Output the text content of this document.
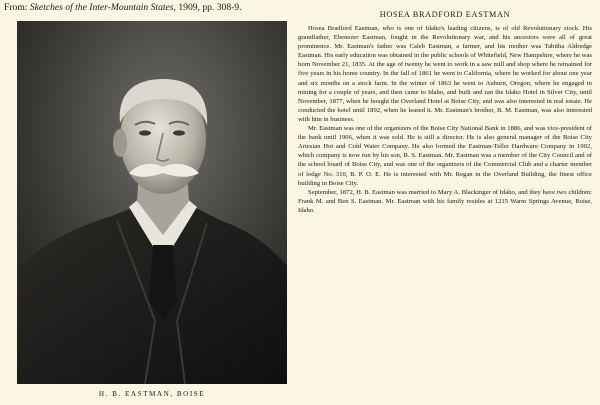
From: Sketches of the Inter-Mountain States, 1909, pp. 308-9.
H. B. EASTMAN, BOISE
HOSEA BRADFORD EASTMAN

Hosea Bradford Eastman, who is one of Idaho's leading citizens, is of old Revolutionary stock. His grandfather, Ebenezer Eastman, fought in the Revolutionary war, and his ancestors were all of great prominence. Mr. Eastman's father was Caleb Eastman, a farmer, and his mother was Tabitha Aldredge Eastman. His early education was obtained in the public schools of Whitefield, New Hampshire, where he was born November 21, 1835. At the age of twenty he went to work in a saw mill and shop where he remained for five years in his home country. In the fall of 1861 he went to California, where he worked for about one year and six months on a stock farm. In the winter of 1863 he went to Auburn, Oregon, where he engaged in mining for a couple of years, and then came to Idaho, and built and ran the Idaho Hotel in Silver City, until November, 1877, when he bought the Overland Hotel at Boise City, and was also interested in real estate. He conducted the hotel until 1892, when he leased it. Mr. Eastman's brother, B. M. Eastman, was also interested with him in business.

Mr. Eastman was one of the organizers of the Boise City National Bank in 1886, and was vice-president of the bank until 1906, when it was sold. He is still a director. He is also general manager of the Boise City Artesian Hot and Cold Water Company. He also formed the Eastman-Teller Hardware Company in 1902, which company is now run by his son, B. S. Eastman. Mr. Eastman was a member of the City Council and of the school board of Boise City, and was one of the organizers of the Commercial Club and a charter member of lodge No. 310, B. P. O. E. He is interested with Mr. Regan in the Overland Building, the finest office building in Boise City.

September, 1872, H. B. Eastman was married to Mary A. Blackinger of Idaho, and they have two children: Frank M. and Ben S. Eastman. Mr. Eastman with his family resides at 1215 Warm Springs Avenue, Boise, Idaho.
